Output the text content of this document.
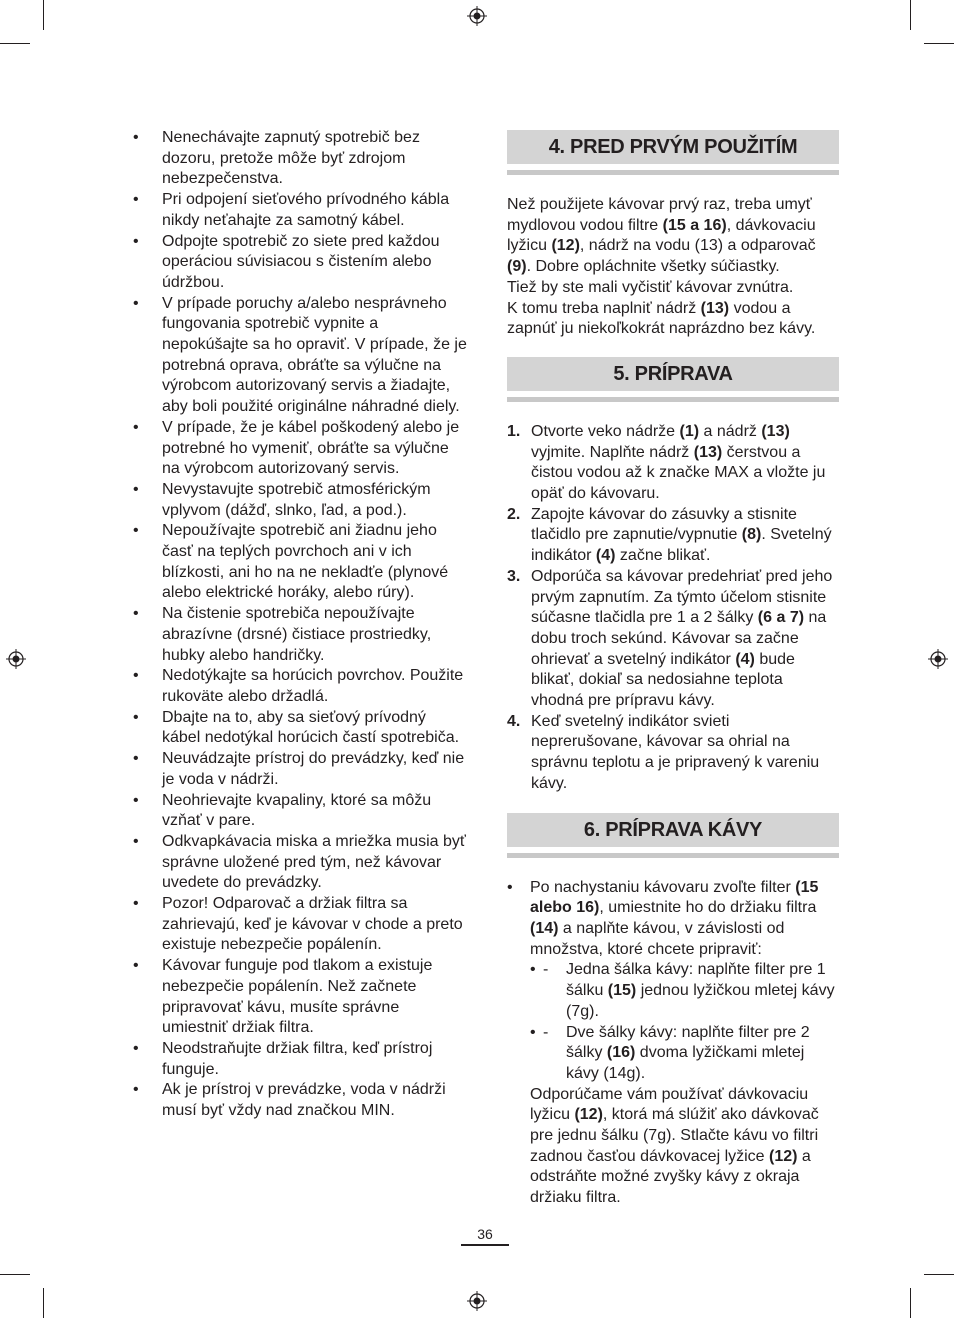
• Nenechávajte zapnutý spotrebič bez dozoru, pretože môže byť zdrojom nebezpečenstva.
• Pri odpojení sieťového prívodného kábla nikdy neťahajte za samotný kábel.
• Odpojte spotrebič zo siete pred každou operáciou súvisiacou s čistením alebo údržbou.
• V prípade poruchy a/alebo nesprávneho fungovania spotrebič vypnite a nepokúšajte sa ho opraviť. V prípade, že je potrebná oprava, obráťte sa výlučne na výrobcom autorizovaný servis a žiadajte, aby boli použité originálne náhradné diely.
• V prípade, že je kábel poškodený alebo je potrebné ho vymeniť, obráťte sa výlučne na výrobcom autorizovaný servis.
• Nevystavujte spotrebič atmosférickým vplyvom (dážď, slnko, ľad, a pod.).
• Nepoužívajte spotrebič ani žiadnu jeho časť na teplých povrchoch ani v ich blízkosti, ani ho na ne nekladťe (plynové alebo elektrické horáky, alebo rúry).
• Na čistenie spotrebiča nepoužívajte abrazívne (drsné) čistiace prostriedky, hubky alebo handričky.
• Nedotýkajte sa horúcich povrchov. Použite rukoväte alebo držadlá.
• Dbajte na to, aby sa sieťový prívodný kábel nedotýkal horúcich častí spotrebiča.
• Neuvádzajte prístroj do prevádzky, keď nie je voda v nádrži.
• Neohrievajte kvapaliny, ktoré sa môžu vzňať v pare.
• Odkvapkávacia miska a mriežka musia byť správne uložené pred tým, než kávovar uvedete do prevádzky.
• Pozor! Odparovač a držiak filtra sa zahrievajú, keď je kávovar v chode a preto existuje nebezpečie popálenín.
• Kávovar funguje pod tlakom a existuje nebezpečie popálenín. Než začnete pripravovať kávu, musíte správne umiestniť držiak filtra.
• Neodstraňujte držiak filtra, keď prístroj funguje.
• Ak je prístroj v prevádzke, voda v nádrži musí byť vždy nad značkou MIN.
4. PRED PRVÝM POUŽITÍM

Než použijete kávovar prvý raz, treba umyť mydlovou vodou filtre (15 a 16), dávkovaciu lyžicu (12), nádrž na vodu (13) a odparovač (9). Dobre opláchnite všetky súčiastky.

Tiež by ste mali vyčistiť kávovar zvnútra.

K tomu treba naplniť nádrž (13) vodou a zapnúť ju niekoľkokrát naprázdno bez kávy.

5. PRÍPRAVA
1. Otvorte veko nádrže (1) a nádrž (13) vyjmite. Naplňte nádrž (13) čerstvou a čistou vodou až k značke MAX a vložte ju opäť do kávovaru.
2. Zapojte kávovar do zásuvky a stisnite tlačidlo pre zapnutie/vypnutie (8). Svetelný indikátor (4) začne blikať.
3. Odporúča sa kávovar predehriať pred jeho prvým zapnutím. Za týmto účelom stisnite súčasne tlačidla pre 1 a 2 šálky (6 a 7) na dobu troch sekúnd. Kávovar sa začne ohrievať a svetelný indikátor (4) bude blikať, dokiaľ sa nedosiahne teplota vhodná pre prípravu kávy.
4. Keď svetelný indikátor svieti neprerušovane, kávovar sa ohrial na správnu teplotu a je pripravený k vareniu kávy.
6. PRÍPRAVA KÁVY
• Po nachystaniu kávovaru zvoľte filter (15 alebo 16), umiestnite ho do držiaku filtra (14) a naplňte kávou, v závislosti od množstva, ktoré chcete pripraviť:
• - Jedna šálka kávy: naplňte filter pre 1 šálku (15) jednou lyžičkou mletej kávy (7g).
• - Dve šálky kávy: naplňte filter pre 2 šálky (16) dvoma lyžičkami mletej kávy (14g).
Odporúčame vám používať dávkovaciu lyžicu (12), ktorá má slúžiť ako dávkovač pre jednu šálku (7g). Stlačte kávu vo filtri zadnou časťou dávkovacej lyžice (12) a odstráňte možné zvyšky kávy z okraja držiaku filtra.
36
